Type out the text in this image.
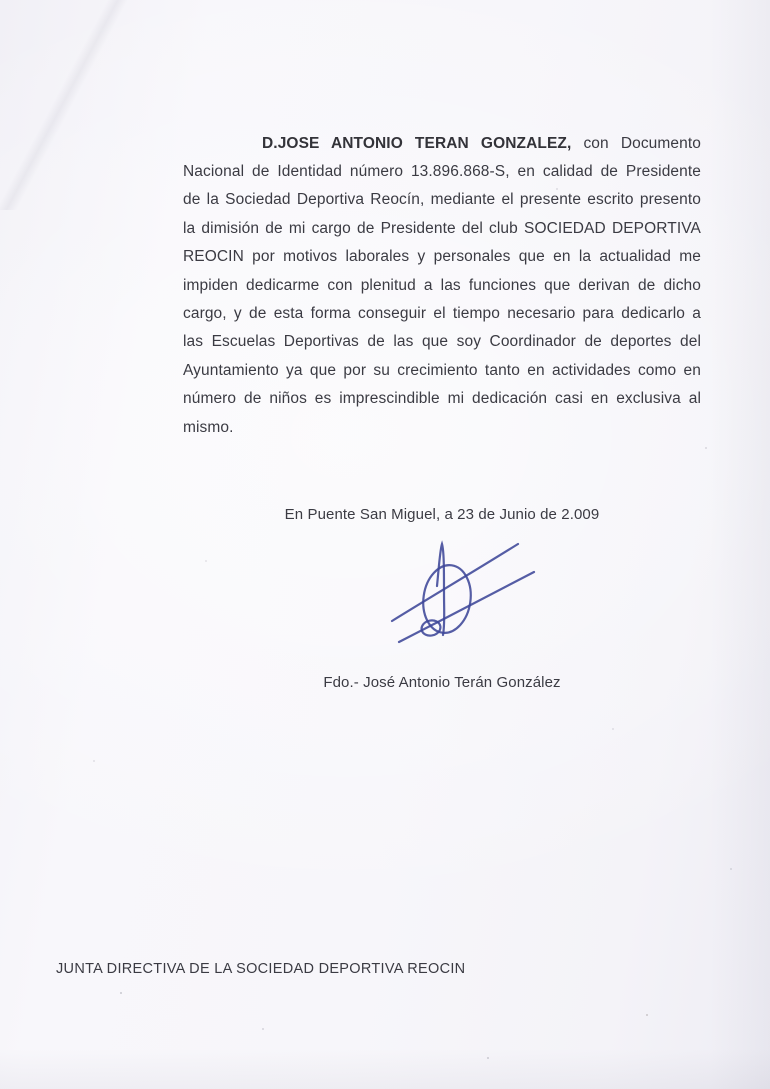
D.JOSE ANTONIO TERAN GONZALEZ, con Documento Nacional de Identidad número 13.896.868-S, en calidad de Presidente de la Sociedad Deportiva Reocín, mediante el presente escrito presento la dimisión de mi cargo de Presidente del club SOCIEDAD DEPORTIVA REOCIN por motivos laborales y personales que en la actualidad me impiden dedicarme con plenitud a las funciones que derivan de dicho cargo, y de esta forma conseguir el tiempo necesario para dedicarlo a las Escuelas Deportivas de las que soy Coordinador de deportes del Ayuntamiento ya que por su crecimiento tanto en actividades como en número de niños es imprescindible mi dedicación casi en exclusiva al mismo.

En Puente San Miguel, a 23 de Junio de 2.009
Fdo.- José Antonio Terán González
JUNTA DIRECTIVA DE LA SOCIEDAD DEPORTIVA REOCIN
